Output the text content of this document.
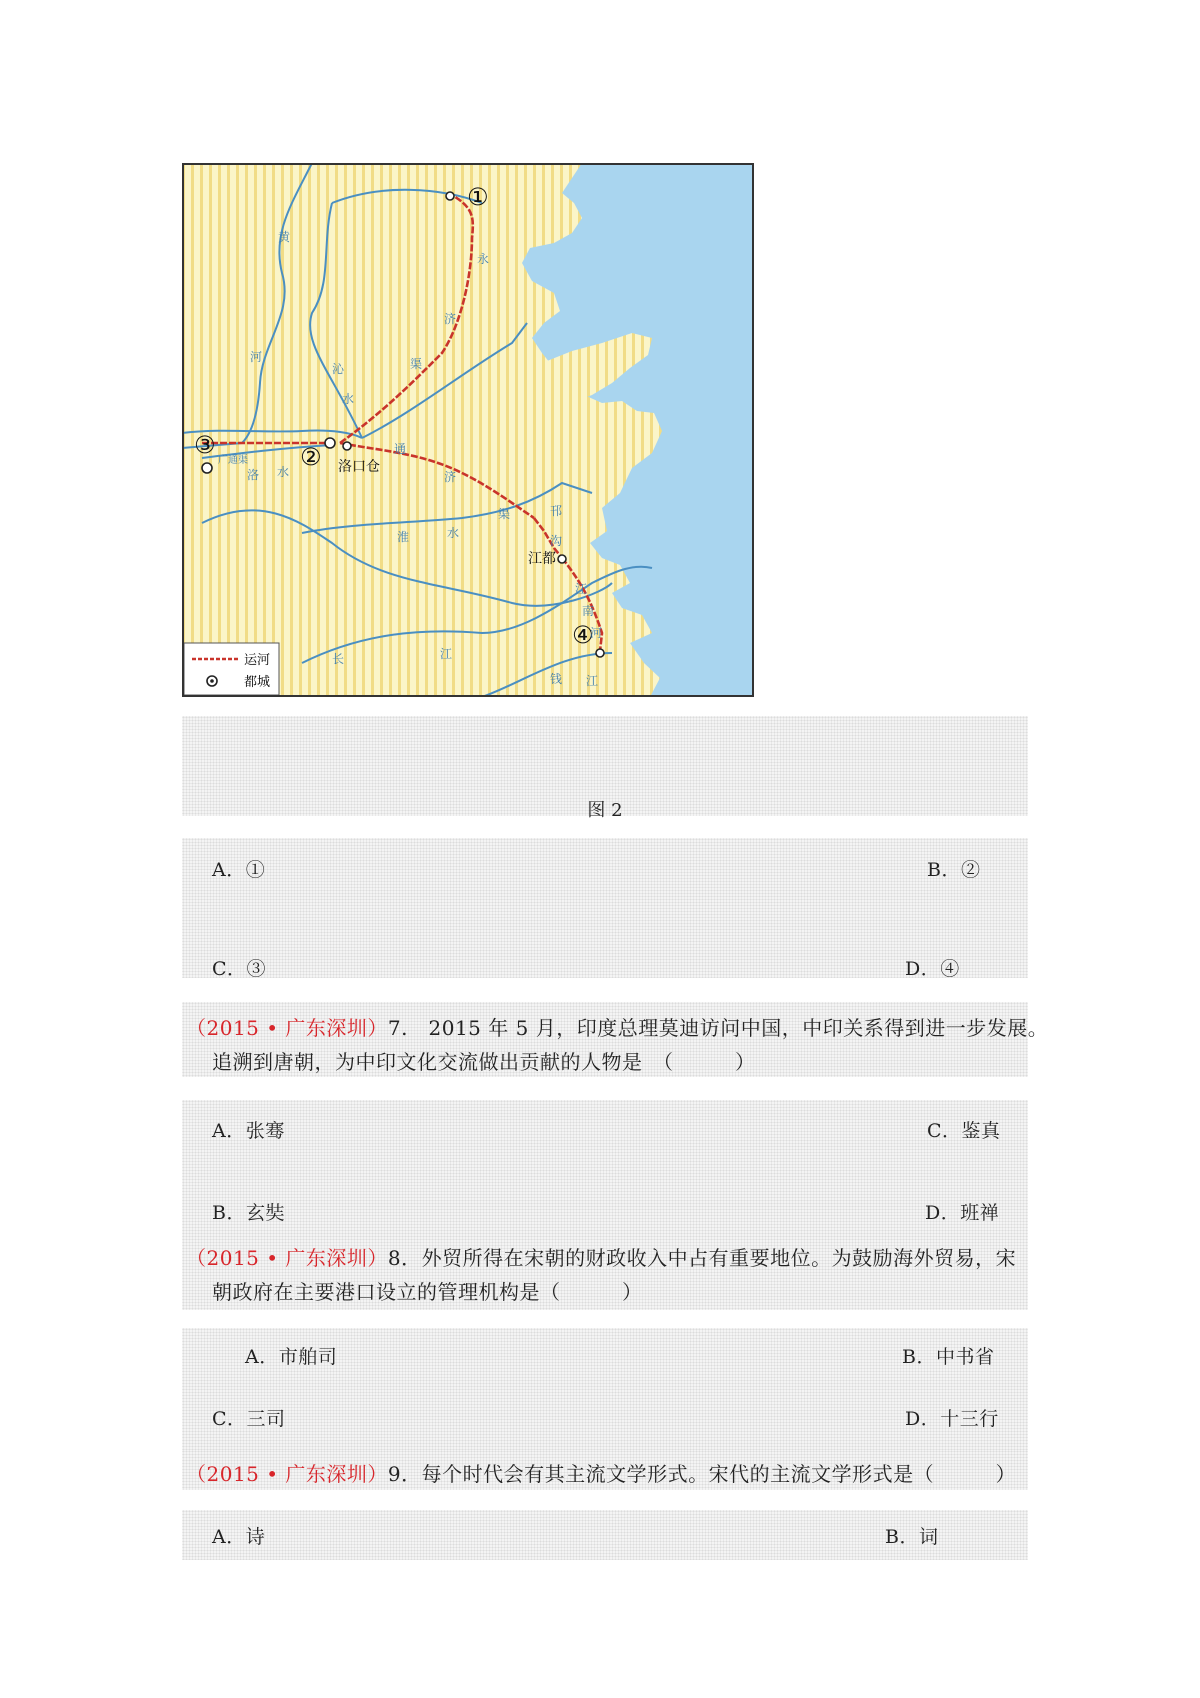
①
②
③
④
洛口仓
江都
黄
河
沁
水
永
济
渠
通
济
渠	邗
沟
江
南
河
长	江
洛 水
淮	水
广通渠
钱 江
运河
都城
图 2
A．①	B．②
C．③	D．④
（2015 • 广东深圳）7.　2015 年 5 月，印度总理莫迪访问中国，中印关系得到进一步发展。
追溯到唐朝，为中印文化交流做出贡献的人物是　（　　　）
A．张骞	C．鉴真
B．玄奘	D．班禅
（2015 • 广东深圳）8．外贸所得在宋朝的财政收入中占有重要地位。为鼓励海外贸易，宋
朝政府在主要港口设立的管理机构是（　　　）
A．市舶司	B．中书省
C．三司	D．十三行
（2015 • 广东深圳）9．每个时代会有其主流文学形式。宋代的主流文学形式是（　　　）
A．诗	B．词
